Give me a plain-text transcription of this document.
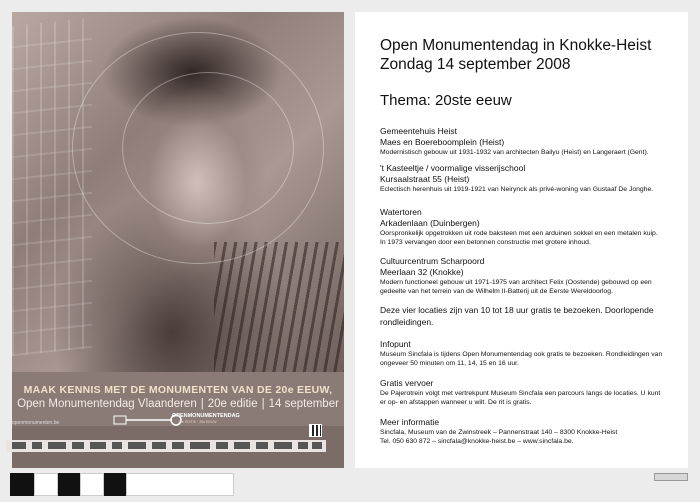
MAAK KENNIS MET DE MONUMENTEN VAN DE 20e EEUW,
Open Monumentendag Vlaanderen | 20e editie | 14 september
openmonumenten.be
OPENMONUMENTENDAG
20e EDITIE · 20e EEUW
Open Monumentendag in Knokke-Heist
Zondag 14 september 2008
Thema: 20ste eeuw
Gemeentehuis Heist
Maes en Boereboomplein (Heist)
Modernistisch gebouw uit 1931-1932 van architecten Bailyu (Heist) en Langeraert (Gent).
't Kasteeltje / voormalige visserijschool
Kursaalstraat 55 (Heist)
Eclectisch herenhuis uit 1919-1921 van Neirynck als privé-woning van Gustaaf De Jonghe.
Watertoren
Arkadenlaan (Duinbergen)
Oorspronkelijk opgetrokken uit rode baksteen met een arduinen sokkel en een metalen kuip.
In 1973 vervangen door een betonnen constructie met grotere inhoud.
Cultuurcentrum Scharpoord
Meerlaan 32 (Knokke)
Modern functioneel gebouw uit 1971-1975 van architect Felix (Oostende) gebouwd op een
gedeelte van het terrein van de Wilhelm II-Batterij uit de Eerste Wereldoorlog.
Deze vier locaties zijn van 10 tot 18 uur gratis te bezoeken. Doorlopende
rondleidingen.
Infopunt
Museum Sincfala is tijdens Open Monumentendag ook gratis te bezoeken. Rondleidingen van
ongeveer 50 minuten om 11, 14, 15 en 16 uur.
Gratis vervoer
De Pajerotrein volgt met vertrekpunt Museum Sincfala een parcours langs de locaties. U kunt
er op- en afstappen wanneer u wilt. De rit is gratis.
Meer informatie
Sincfala, Museum van de Zwinstreek – Pannenstraat 140 – 8300 Knokke-Heist
Tel. 050 630 872 – sincfala@knokke-heist.be – www.sincfala.be.
